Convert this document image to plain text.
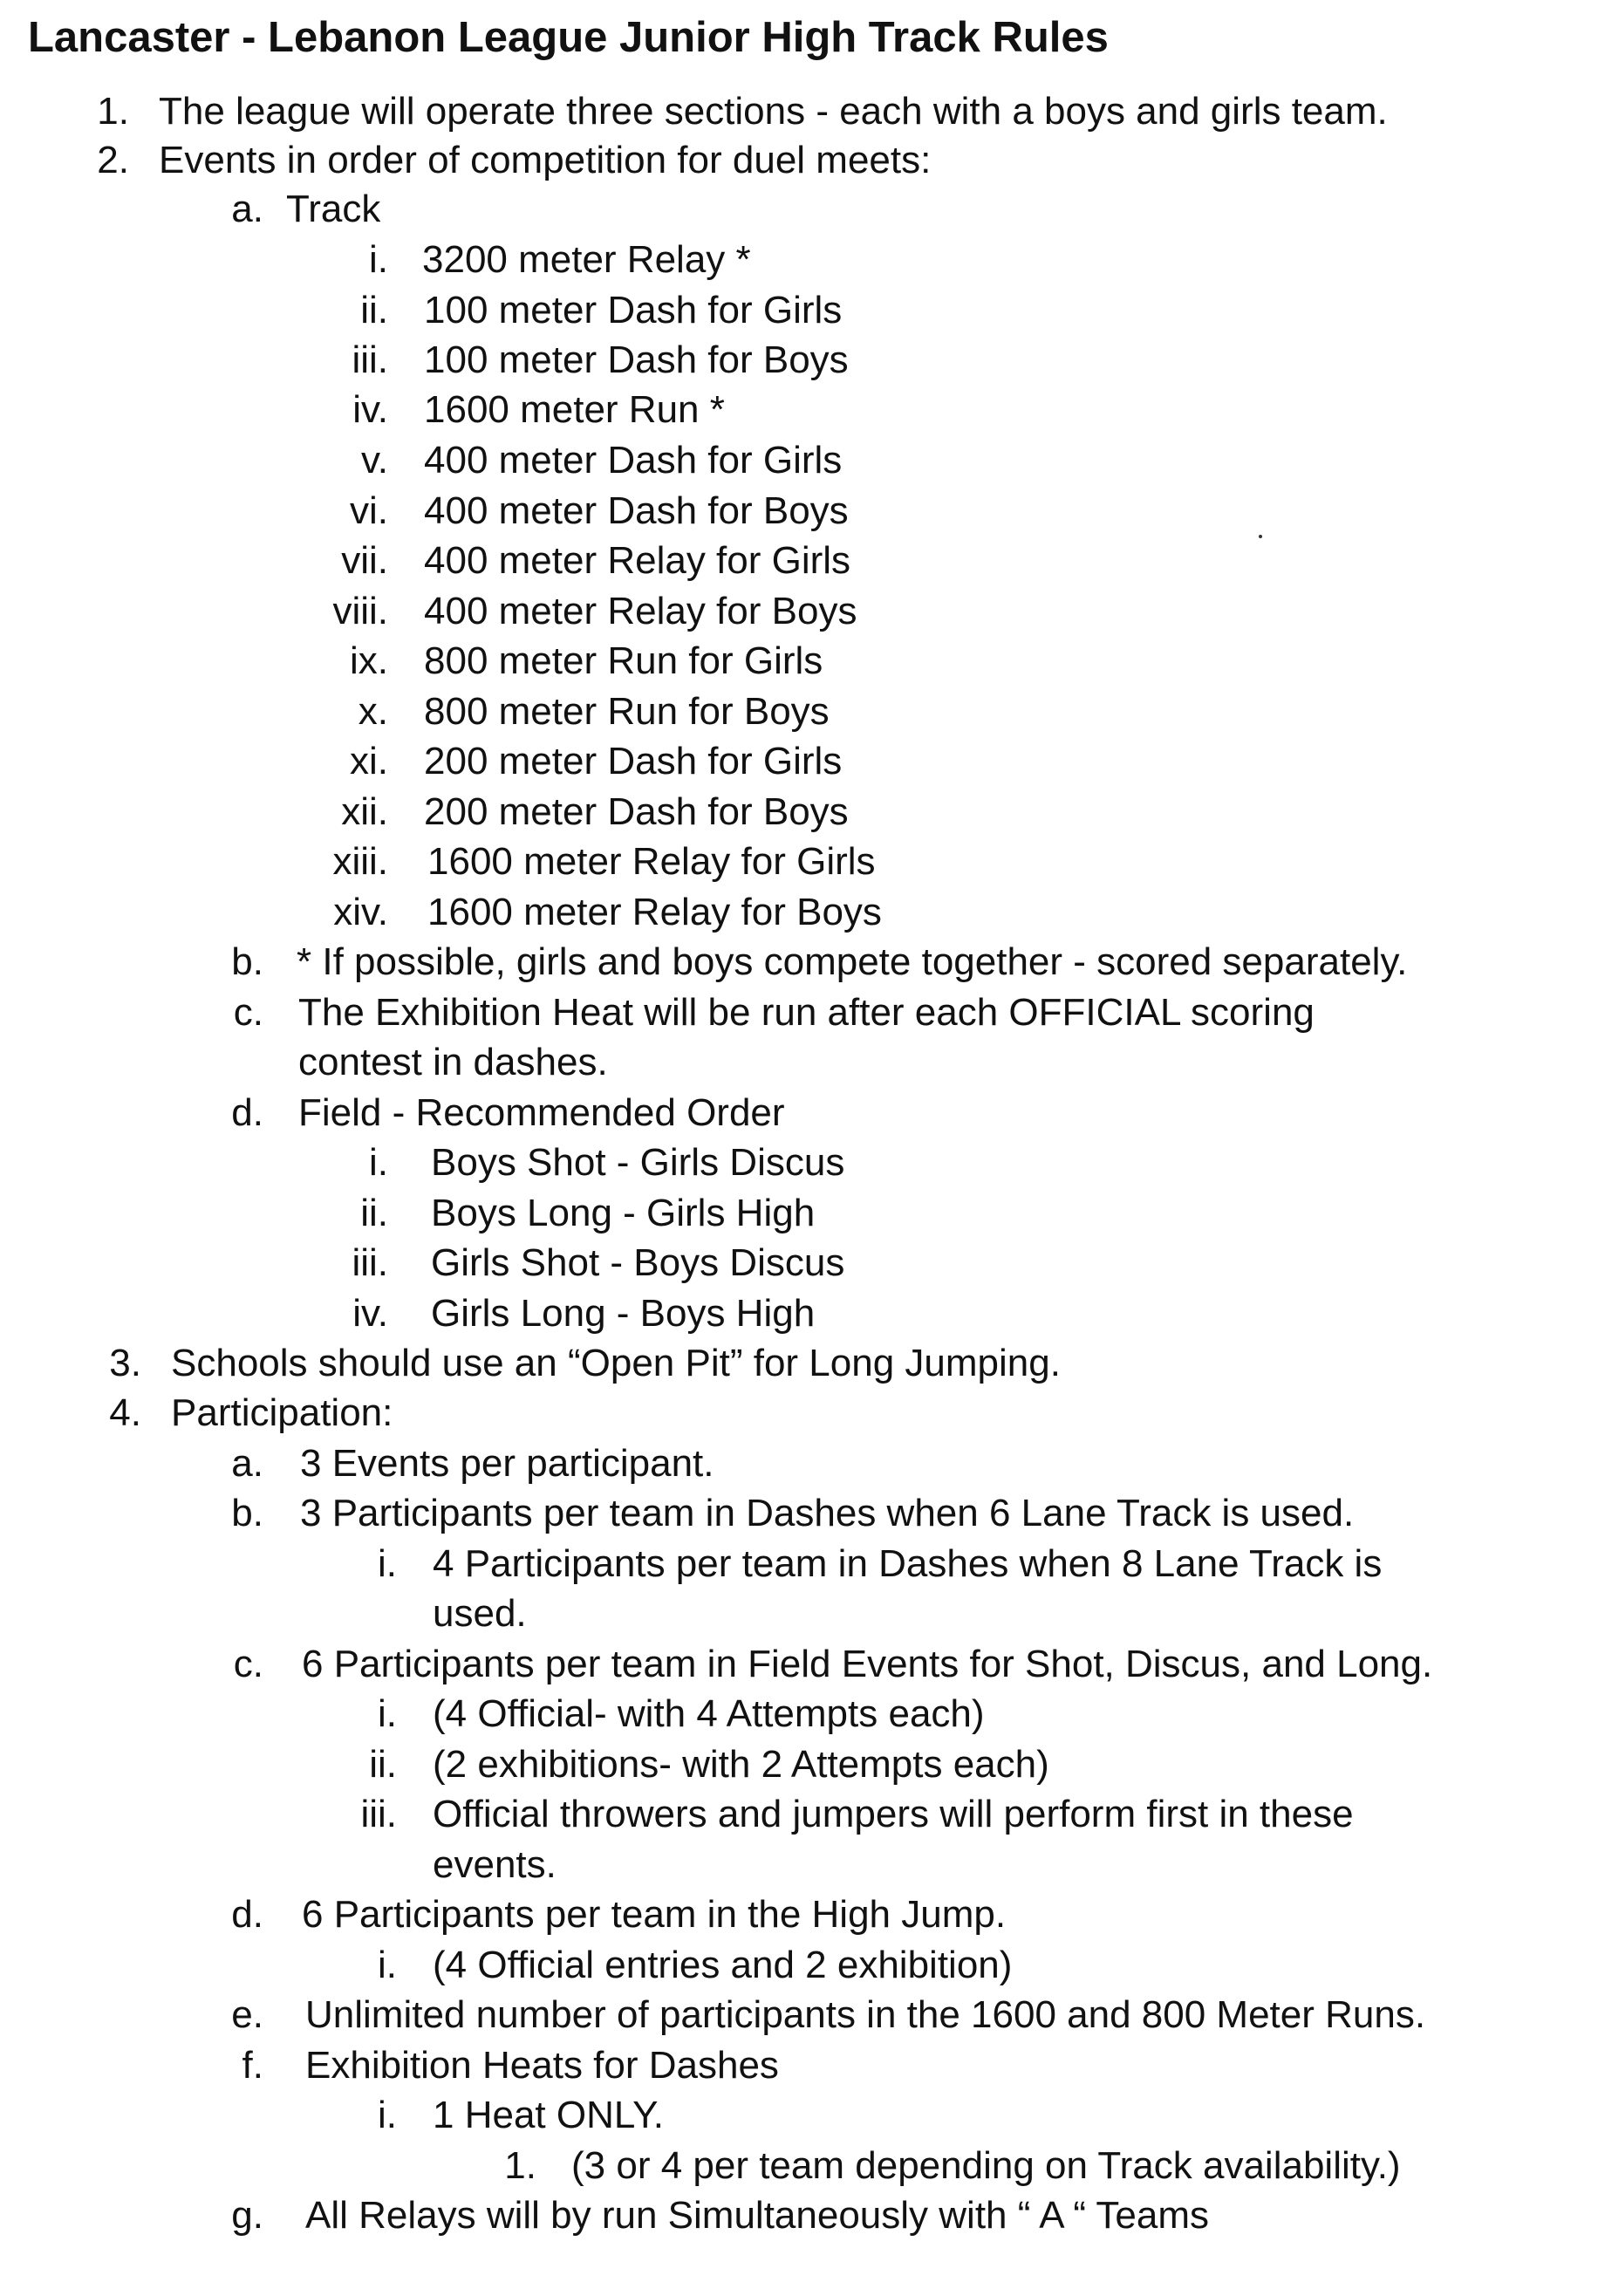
Lancaster - Lebanon League Junior High Track Rules
1. The league will operate three sections - each with a boys and girls team.
2. Events in order of competition for duel meets:
a. Track
i. 3200 meter Relay *
ii. 100 meter Dash for Girls
iii. 100 meter Dash for Boys
iv. 1600 meter Run *
v. 400 meter Dash for Girls
vi. 400 meter Dash for Boys
vii. 400 meter Relay for Girls
viii. 400 meter Relay for Boys
ix. 800 meter Run for Girls
x. 800 meter Run for Boys
xi. 200 meter Dash for Girls
xii. 200 meter Dash for Boys
xiii. 1600 meter Relay for Girls
xiv. 1600 meter Relay for Boys
b. * If possible, girls and boys compete together - scored separately.
c. The Exhibition Heat will be run after each OFFICIAL scoring
contest in dashes.
d. Field - Recommended Order
i. Boys Shot - Girls Discus
ii. Boys Long - Girls High
iii. Girls Shot - Boys Discus
iv. Girls Long - Boys High
3. Schools should use an “Open Pit” for Long Jumping.
4. Participation:
a. 3 Events per participant.
b. 3 Participants per team in Dashes when 6 Lane Track is used.
i. 4 Participants per team in Dashes when 8 Lane Track is
used.
c. 6 Participants per team in Field Events for Shot, Discus, and Long.
i. (4 Official- with 4 Attempts each)
ii. (2 exhibitions- with 2 Attempts each)
iii. Official throwers and jumpers will perform first in these
events.
d. 6 Participants per team in the High Jump.
i. (4 Official entries and 2 exhibition)
e. Unlimited number of participants in the 1600 and 800 Meter Runs.
f. Exhibition Heats for Dashes
i. 1 Heat ONLY.
1. (3 or 4 per team depending on Track availability.)
g. All Relays will by run Simultaneously with “ A “ Teams
